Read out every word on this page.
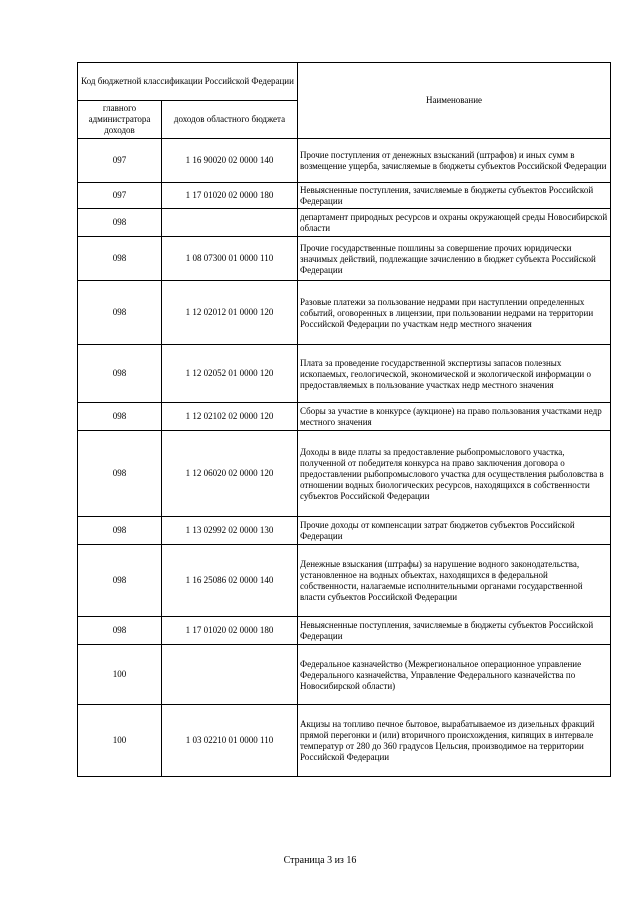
Код бюджетной классификации Российской Федерации		Наименование
главного администратора доходов	доходов областного бюджета	
097	1 16 90020 02 0000 140	Прочие поступления от денежных взысканий (штрафов) и иных сумм в возмещение ущерба, зачисляемые в бюджеты субъектов Российской Федерации
097	1 17 01020 02 0000 180	Невыясненные поступления, зачисляемые в бюджеты субъектов Российской Федерации
098		департамент природных ресурсов и охраны окружающей среды Новосибирской области
098	1 08 07300 01 0000 110	Прочие государственные пошлины за совершение прочих юридически значимых действий, подлежащие зачислению в бюджет субъекта Российской Федерации
098	1 12 02012 01 0000 120	Разовые платежи за пользование недрами при наступлении определенных событий, оговоренных в лицензии, при пользовании недрами на территории Российской Федерации по участкам недр местного значения
098	1 12 02052 01 0000 120	Плата за проведение государственной экспертизы запасов полезных ископаемых, геологической, экономической и экологической информации о предоставляемых в пользование участках недр местного значения
098	1 12 02102 02 0000 120	Сборы за участие в конкурсе (аукционе) на право пользования участками недр местного значения
098	1 12 06020 02 0000 120	Доходы в виде платы за предоставление рыбопромыслового участка, полученной от победителя конкурса на право заключения договора о предоставлении рыбопромыслового участка для осуществления рыболовства в отношении водных биологических ресурсов, находящихся в собственности субъектов Российской Федерации
098	1 13 02992 02 0000 130	Прочие доходы от компенсации затрат бюджетов субъектов Российской Федерации
098	1 16 25086 02 0000 140	Денежные взыскания (штрафы) за нарушение водного законодательства, установленное на водных объектах, находящихся в федеральной собственности, налагаемые исполнительными органами государственной власти субъектов Российской Федерации
098	1 17 01020 02 0000 180	Невыясненные поступления, зачисляемые в бюджеты субъектов Российской Федерации
100		Федеральное казначейство (Межрегиональное операционное управление Федерального казначейства, Управление Федерального казначейства по Новосибирской области)
100	1 03 02210 01 0000 110	Акцизы на топливо печное бытовое, вырабатываемое из дизельных фракций прямой перегонки и (или) вторичного происхождения, кипящих в интервале температур от 280 до 360 градусов Цельсия, производимое на территории Российской Федерации
Страница 3 из 16
